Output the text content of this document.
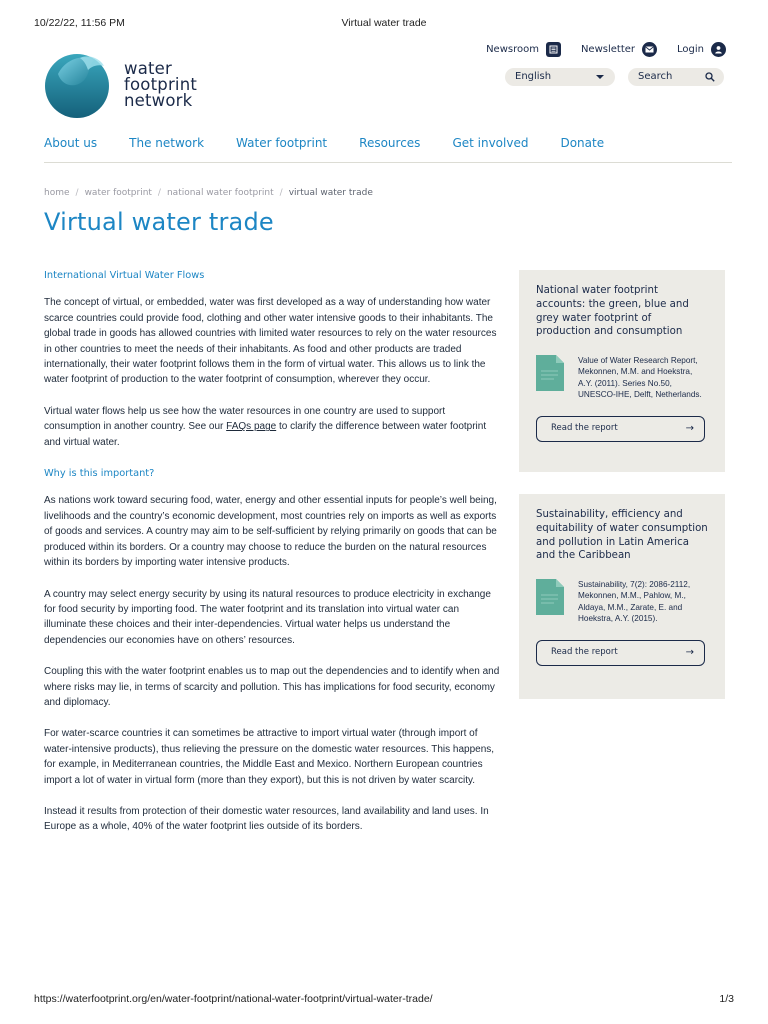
10/22/22, 11:56 PM	Virtual water trade
water
footprint
network
Newsroom	Newsletter	Login
English	Search
About us	The network	Water footprint	Resources	Get involved	Donate
home / water footprint / national water footprint / virtual water trade
Virtual water trade
International Virtual Water Flows

The concept of virtual, or embedded, water was first developed as a way of understanding how water scarce countries could provide food, clothing and other water intensive goods to their inhabitants. The global trade in goods has allowed countries with limited water resources to rely on the water resources in other countries to meet the needs of their inhabitants. As food and other products are traded internationally, their water footprint follows them in the form of virtual water. This allows us to link the water footprint of production to the water footprint of consumption, wherever they occur.

Virtual water flows help us see how the water resources in one country are used to support consumption in another country. See our FAQs page to clarify the difference between water footprint and virtual water.

Why is this important?

As nations work toward securing food, water, energy and other essential inputs for people’s well being, livelihoods and the country’s economic development, most countries rely on imports as well as exports of goods and services. A country may aim to be self-sufficient by relying primarily on goods that can be produced within its borders. Or a country may choose to reduce the burden on the natural resources within its borders by importing water intensive products.

A country may select energy security by using its natural resources to produce electricity in exchange for food security by importing food. The water footprint and its translation into virtual water can illuminate these choices and their inter-dependencies. Virtual water helps us understand the dependencies our economies have on others’ resources.

Coupling this with the water footprint enables us to map out the dependencies and to identify when and where risks may lie, in terms of scarcity and pollution. This has implications for food security, economy and diplomacy.

For water-scarce countries it can sometimes be attractive to import virtual water (through import of water-intensive products), thus relieving the pressure on the domestic water resources. This happens, for example, in Mediterranean countries, the Middle East and Mexico. Northern European countries import a lot of water in virtual form (more than they export), but this is not driven by water scarcity.

Instead it results from protection of their domestic water resources, land availability and land uses. In Europe as a whole, 40% of the water footprint lies outside of its borders.

National water footprint accounts: the green, blue and grey water footprint of production and consumption
Value of Water Research Report, Mekonnen, M.M. and Hoekstra, A.Y. (2011). Series No.50, UNESCO-IHE, Delft, Netherlands.
Read the report	→
Sustainability, efficiency and equitability of water consumption and pollution in Latin America and the Caribbean
Sustainability, 7(2): 2086-2112, Mekonnen, M.M., Pahlow, M., Aldaya, M.M., Zarate, E. and Hoekstra, A.Y. (2015).
Read the report	→
https://waterfootprint.org/en/water-footprint/national-water-footprint/virtual-water-trade/	1/3
